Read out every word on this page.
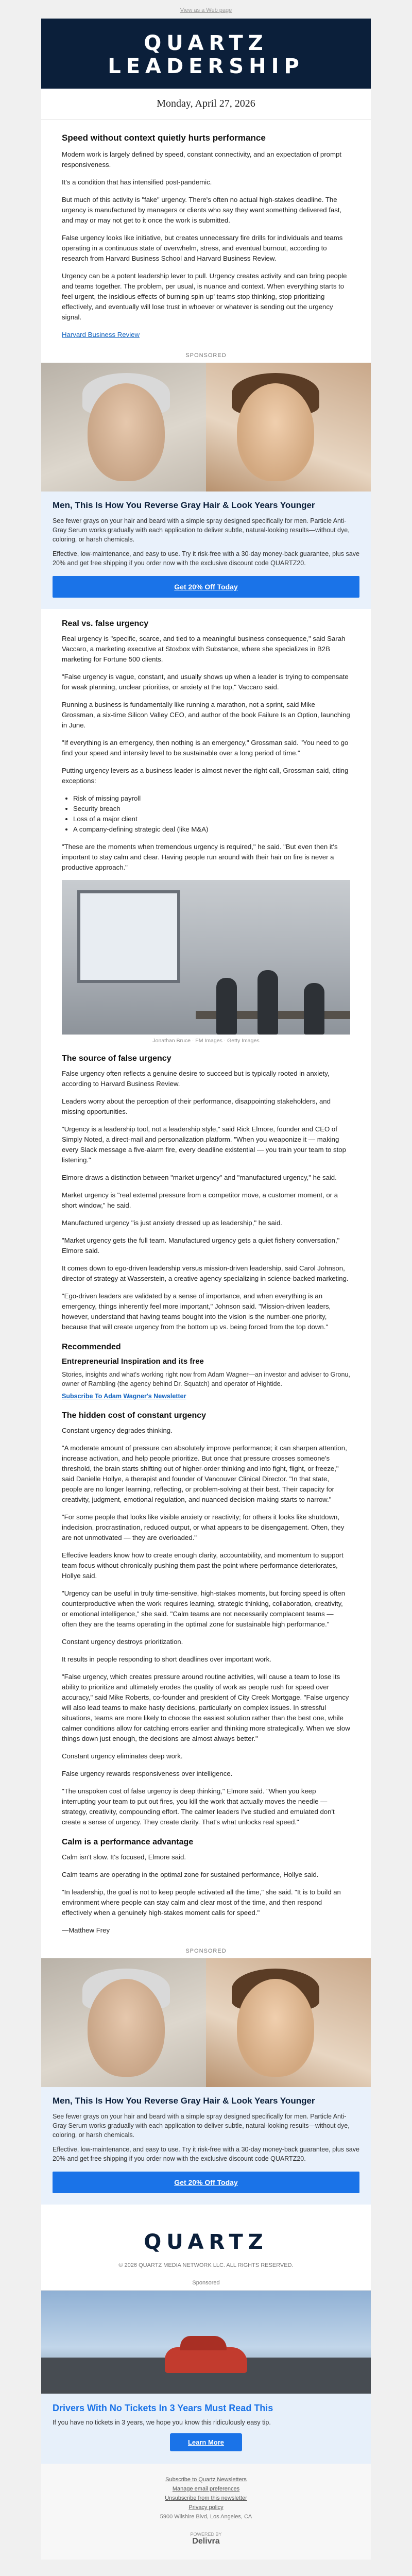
View as a Web page
QUARTZ
LEADERSHIP
Monday, April 27, 2026
Speed without context quietly hurts performance

Modern work is largely defined by speed, constant connectivity, and an expectation of prompt responsiveness.

It's a condition that has intensified post-pandemic.

But much of this activity is "fake" urgency. There's often no actual high-stakes deadline. The urgency is manufactured by managers or clients who say they want something delivered fast, and may or may not get to it once the work is submitted.

False urgency looks like initiative, but creates unnecessary fire drills for individuals and teams operating in a continuous state of overwhelm, stress, and eventual burnout, according to research from Harvard Business School and Harvard Business Review.

Urgency can be a potent leadership lever to pull. Urgency creates activity and can bring people and teams together. The problem, per usual, is nuance and context. When everything starts to feel urgent, the insidious effects of burning spin-up' teams stop thinking, stop prioritizing effectively, and eventually will lose trust in whoever or whatever is sending out the urgency signal.

Harvard Business Review

SPONSORED
Men, This Is How You Reverse Gray Hair & Look Years Younger
See fewer grays on your hair and beard with a simple spray designed specifically for men. Particle Anti-Gray Serum works gradually with each application to deliver subtle, natural-looking results—without dye, coloring, or harsh chemicals.
Effective, low-maintenance, and easy to use. Try it risk-free with a 30-day money-back guarantee, plus save 20% and get free shipping if you order now with the exclusive discount code QUARTZ20.
Get 20% Off Today
Real vs. false urgency

Real urgency is "specific, scarce, and tied to a meaningful business consequence," said Sarah Vaccaro, a marketing executive at Stoxbox with Substance, where she specializes in B2B marketing for Fortune 500 clients.

"False urgency is vague, constant, and usually shows up when a leader is trying to compensate for weak planning, unclear priorities, or anxiety at the top," Vaccaro said.

Running a business is fundamentally like running a marathon, not a sprint, said Mike Grossman, a six-time Silicon Valley CEO, and author of the book Failure Is an Option, launching in June.

"If everything is an emergency, then nothing is an emergency," Grossman said. "You need to go find your speed and intensity level to be sustainable over a long period of time."

Putting urgency levers as a business leader is almost never the right call, Grossman said, citing exceptions:

• Risk of missing payroll
• Security breach
• Loss of a major client
• A company-defining strategic deal (like M&A)

"These are the moments when tremendous urgency is required," he said. "But even then it's important to stay calm and clear. Having people run around with their hair on fire is never a productive approach."

Jonathan Bruce · FM Images · Getty Images
The source of false urgency

False urgency often reflects a genuine desire to succeed but is typically rooted in anxiety, according to Harvard Business Review.

Leaders worry about the perception of their performance, disappointing stakeholders, and missing opportunities.

"Urgency is a leadership tool, not a leadership style," said Rick Elmore, founder and CEO of Simply Noted, a direct-mail and personalization platform. "When you weaponize it — making every Slack message a five-alarm fire, every deadline existential — you train your team to stop listening."

Elmore draws a distinction between "market urgency" and "manufactured urgency," he said.

Market urgency is "real external pressure from a competitor move, a customer moment, or a short window," he said.

Manufactured urgency "is just anxiety dressed up as leadership," he said.

"Market urgency gets the full team. Manufactured urgency gets a quiet fishery conversation," Elmore said.

It comes down to ego-driven leadership versus mission-driven leadership, said Carol Johnson, director of strategy at Wasserstein, a creative agency specializing in science-backed marketing.

"Ego-driven leaders are validated by a sense of importance, and when everything is an emergency, things inherently feel more important," Johnson said. "Mission-driven leaders, however, understand that having teams bought into the vision is the number-one priority, because that will create urgency from the bottom up vs. being forced from the top down."

Recommended
Entrepreneurial Inspiration and its free
Stories, insights and what's working right now from Adam Wagner—an investor and adviser to Gronu, owner of Rambling (the agency behind Dr. Squatch) and operator of Hightide.
Subscribe To Adam Wagner's Newsletter
The hidden cost of constant urgency

Constant urgency degrades thinking.

"A moderate amount of pressure can absolutely improve performance; it can sharpen attention, increase activation, and help people prioritize. But once that pressure crosses someone's threshold, the brain starts shifting out of higher-order thinking and into fight, flight, or freeze," said Danielle Hollye, a therapist and founder of Vancouver Clinical Director. "In that state, people are no longer learning, reflecting, or problem-solving at their best. Their capacity for creativity, judgment, emotional regulation, and nuanced decision-making starts to narrow."

"For some people that looks like visible anxiety or reactivity; for others it looks like shutdown, indecision, procrastination, reduced output, or what appears to be disengagement. Often, they are not unmotivated — they are overloaded."

Effective leaders know how to create enough clarity, accountability, and momentum to support team focus without chronically pushing them past the point where performance deteriorates, Hollye said.

"Urgency can be useful in truly time-sensitive, high-stakes moments, but forcing speed is often counterproductive when the work requires learning, strategic thinking, collaboration, creativity, or emotional intelligence," she said. "Calm teams are not necessarily complacent teams — often they are the teams operating in the optimal zone for sustainable high performance."

Constant urgency destroys prioritization.

It results in people responding to short deadlines over important work.

"False urgency, which creates pressure around routine activities, will cause a team to lose its ability to prioritize and ultimately erodes the quality of work as people rush for speed over accuracy," said Mike Roberts, co-founder and president of City Creek Mortgage. "False urgency will also lead teams to make hasty decisions, particularly on complex issues. In stressful situations, teams are more likely to choose the easiest solution rather than the best one, while calmer conditions allow for catching errors earlier and thinking more strategically. When we slow things down just enough, the decisions are almost always better."

Constant urgency eliminates deep work.

False urgency rewards responsiveness over intelligence.

"The unspoken cost of false urgency is deep thinking," Elmore said. "When you keep interrupting your team to put out fires, you kill the work that actually moves the needle — strategy, creativity, compounding effort. The calmer leaders I've studied and emulated don't create a sense of urgency. They create clarity. That's what unlocks real speed."

Calm is a performance advantage

Calm isn't slow. It's focused, Elmore said.

Calm teams are operating in the optimal zone for sustained performance, Hollye said.

"In leadership, the goal is not to keep people activated all the time," she said. "It is to build an environment where people can stay calm and clear most of the time, and then respond effectively when a genuinely high-stakes moment calls for speed."

—Matthew Frey

SPONSORED
Men, This Is How You Reverse Gray Hair & Look Years Younger
See fewer grays on your hair and beard with a simple spray designed specifically for men. Particle Anti-Gray Serum works gradually with each application to deliver subtle, natural-looking results—without dye, coloring, or harsh chemicals.
Effective, low-maintenance, and easy to use. Try it risk-free with a 30-day money-back guarantee, plus save 20% and get free shipping if you order now with the exclusive discount code QUARTZ20.
Get 20% Off Today
QUARTZ
© 2026 QUARTZ MEDIA NETWORK LLC. ALL RIGHTS RESERVED.
Sponsored
Drivers With No Tickets In 3 Years Must Read This
If you have no tickets in 3 years, we hope you know this ridiculously easy tip.
Learn More
Subscribe to Quartz Newsletters
Manage email preferences
Unsubscribe from this newsletter
Privacy policy
5900 Wilshire Blvd, Los Angeles, CA
POWERED BY
Delivra
